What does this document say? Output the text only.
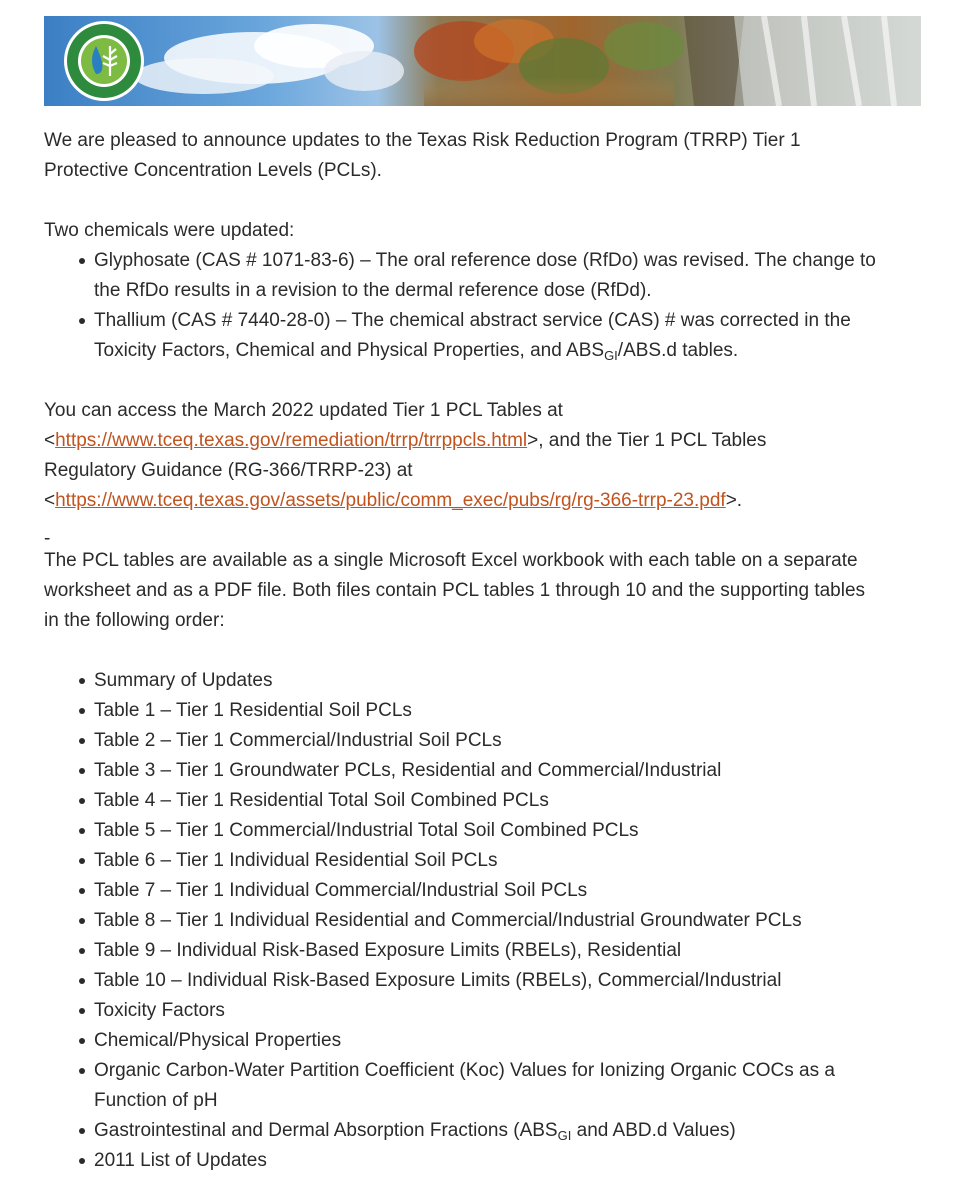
We are pleased to announce updates to the Texas Risk Reduction Program (TRRP) Tier 1
Protective Concentration Levels (PCLs).

Two chemicals were updated:

Glyphosate (CAS # 1071-83-6) – The oral reference dose (RfDo) was revised. The change to
the RfDo results in a revision to the dermal reference dose (RfDd).
Thallium (CAS # 7440-28-0) – The chemical abstract service (CAS) # was corrected in the
Toxicity Factors, Chemical and Physical Properties, and $ABS_{GI}/ABS.d$ tables.

You can access the March 2022 updated Tier 1 PCL Tables at
<https://www.tceq.texas.gov/remediation/trrp/trrppcls.html>, and the Tier 1 PCL Tables
Regulatory Guidance (RG-366/TRRP-23) at
<https://www.tceq.texas.gov/assets/public/comm_exec/pubs/rg/rg-366-trrp-23.pdf>.

-

The PCL tables are available as a single Microsoft Excel workbook with each table on a separate
worksheet and as a PDF file. Both files contain PCL tables 1 through 10 and the supporting tables
in the following order:

Summary of Updates
Table 1 – Tier 1 Residential Soil PCLs
Table 2 – Tier 1 Commercial/Industrial Soil PCLs
Table 3 – Tier 1 Groundwater PCLs, Residential and Commercial/Industrial
Table 4 – Tier 1 Residential Total Soil Combined PCLs
Table 5 – Tier 1 Commercial/Industrial Total Soil Combined PCLs
Table 6 – Tier 1 Individual Residential Soil PCLs
Table 7 – Tier 1 Individual Commercial/Industrial Soil PCLs
Table 8 – Tier 1 Individual Residential and Commercial/Industrial Groundwater PCLs
Table 9 – Individual Risk-Based Exposure Limits (RBELs), Residential
Table 10 – Individual Risk-Based Exposure Limits (RBELs), Commercial/Industrial
Toxicity Factors
Chemical/Physical Properties
Organic Carbon-Water Partition Coefficient (Koc) Values for Ionizing Organic COCs as a
Function of pH
Gastrointestinal and Dermal Absorption Fractions ($ABS_{GI}$ and ABD.d Values)
2011 List of Updates
